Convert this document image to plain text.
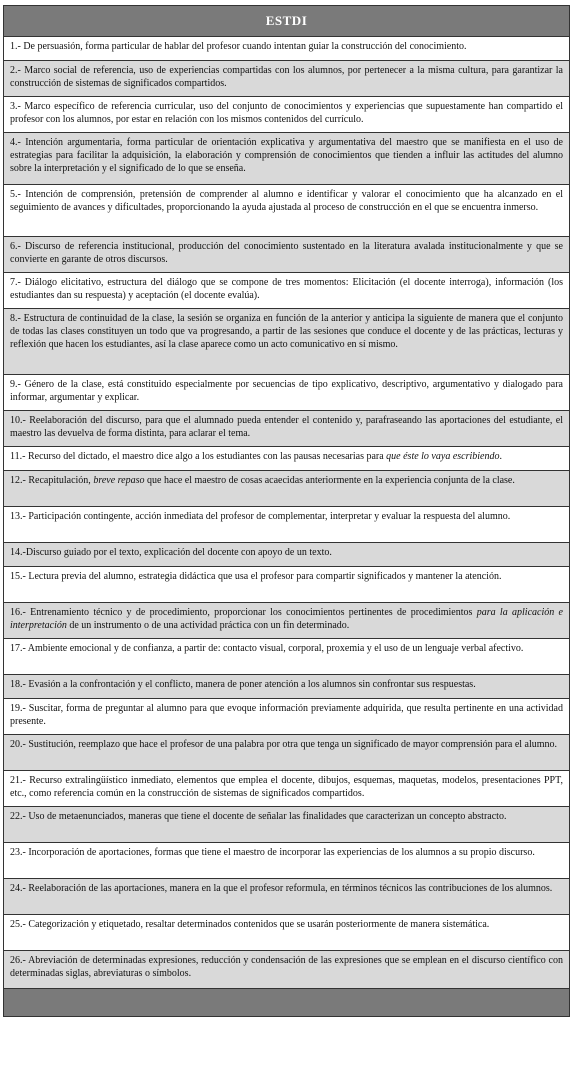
ESTDI
1.- De persuasión, forma particular de hablar del profesor cuando intentan guiar la construcción del conocimiento.
2.- Marco social de referencia, uso de experiencias compartidas con los alumnos, por pertenecer a la misma cultura, para garantizar la construcción de sistemas de significados compartidos.
3.- Marco específico de referencia curricular, uso del conjunto de conocimientos y experiencias que supuestamente han compartido el profesor con los alumnos, por estar en relación con los mismos contenidos del currículo.
4.- Intención argumentaria, forma particular de orientación explicativa y argumentativa del maestro que se manifiesta en el uso de estrategias para facilitar la adquisición, la elaboración y comprensión de conocimientos que tienden a influir las actitudes del alumno sobre la interpretación y el significado de lo que se enseña.
5.- Intención de comprensión, pretensión de comprender al alumno e identificar y valorar el conocimiento que ha alcanzado en el seguimiento de avances y dificultades, proporcionando la ayuda ajustada al proceso de construcción en el que se encuentra inmerso.
6.- Discurso de referencia institucional, producción del conocimiento sustentado en la literatura avalada institucionalmente y que se convierte en garante de otros discursos.
7.- Diálogo elicitativo, estructura del diálogo que se compone de tres momentos: Elicitación (el docente interroga), información (los estudiantes dan su respuesta) y aceptación (el docente evalúa).
8.- Estructura de continuidad de la clase, la sesión se organiza en función de la anterior y anticipa la siguiente de manera que el conjunto de todas las clases constituyen un todo que va progresando, a partir de las sesiones que conduce el docente y de las prácticas, lecturas y reflexión que hacen los estudiantes, así la clase aparece como un acto comunicativo en sí mismo.
9.- Género de la clase, está constituido especialmente por secuencias de tipo explicativo, descriptivo, argumentativo y dialogado para informar, argumentar y explicar.
10.- Reelaboración del discurso, para que el alumnado pueda entender el contenido y, parafraseando las aportaciones del estudiante, el maestro las devuelva de forma distinta, para aclarar el tema.
11.- Recurso del dictado, el maestro dice algo a los estudiantes con las pausas necesarias para que éste lo vaya escribiendo.
12.- Recapitulación, breve repaso que hace el maestro de cosas acaecidas anteriormente en la experiencia conjunta de la clase.
13.- Participación contingente, acción inmediata del profesor de complementar, interpretar y evaluar la respuesta del alumno.
14.-Discurso guiado por el texto, explicación del docente con apoyo de un texto.
15.- Lectura previa del alumno, estrategia didáctica que usa el profesor para compartir significados y mantener la atención.
16.- Entrenamiento técnico y de procedimiento, proporcionar los conocimientos pertinentes de procedimientos para la aplicación e interpretación de un instrumento o de una actividad práctica con un fin determinado.
17.- Ambiente emocional y de confianza, a partir de: contacto visual, corporal, proxemia y el uso de un lenguaje verbal afectivo.
18.- Evasión a la confrontación y el conflicto, manera de poner atención a los alumnos sin confrontar sus respuestas.
19.- Suscitar, forma de preguntar al alumno para que evoque información previamente adquirida, que resulta pertinente en una actividad presente.
20.- Sustitución, reemplazo que hace el profesor de una palabra por otra que tenga un significado de mayor comprensión para el alumno.
21.- Recurso extralingüístico inmediato, elementos que emplea el docente, dibujos, esquemas, maquetas, modelos, presentaciones PPT, etc., como referencia común en la construcción de sistemas de significados compartidos.
22.- Uso de metaenunciados, maneras que tiene el docente de señalar las finalidades que caracterizan un concepto abstracto.
23.- Incorporación de aportaciones, formas que tiene el maestro de incorporar las experiencias de los alumnos a su propio discurso.
24.- Reelaboración de las aportaciones, manera en la que el profesor reformula, en términos técnicos las contribuciones de los alumnos.
25.- Categorización y etiquetado, resaltar determinados contenidos que se usarán posteriormente de manera sistemática.
26.- Abreviación de determinadas expresiones, reducción y condensación de las expresiones que se emplean en el discurso científico con determinadas siglas, abreviaturas o símbolos.
